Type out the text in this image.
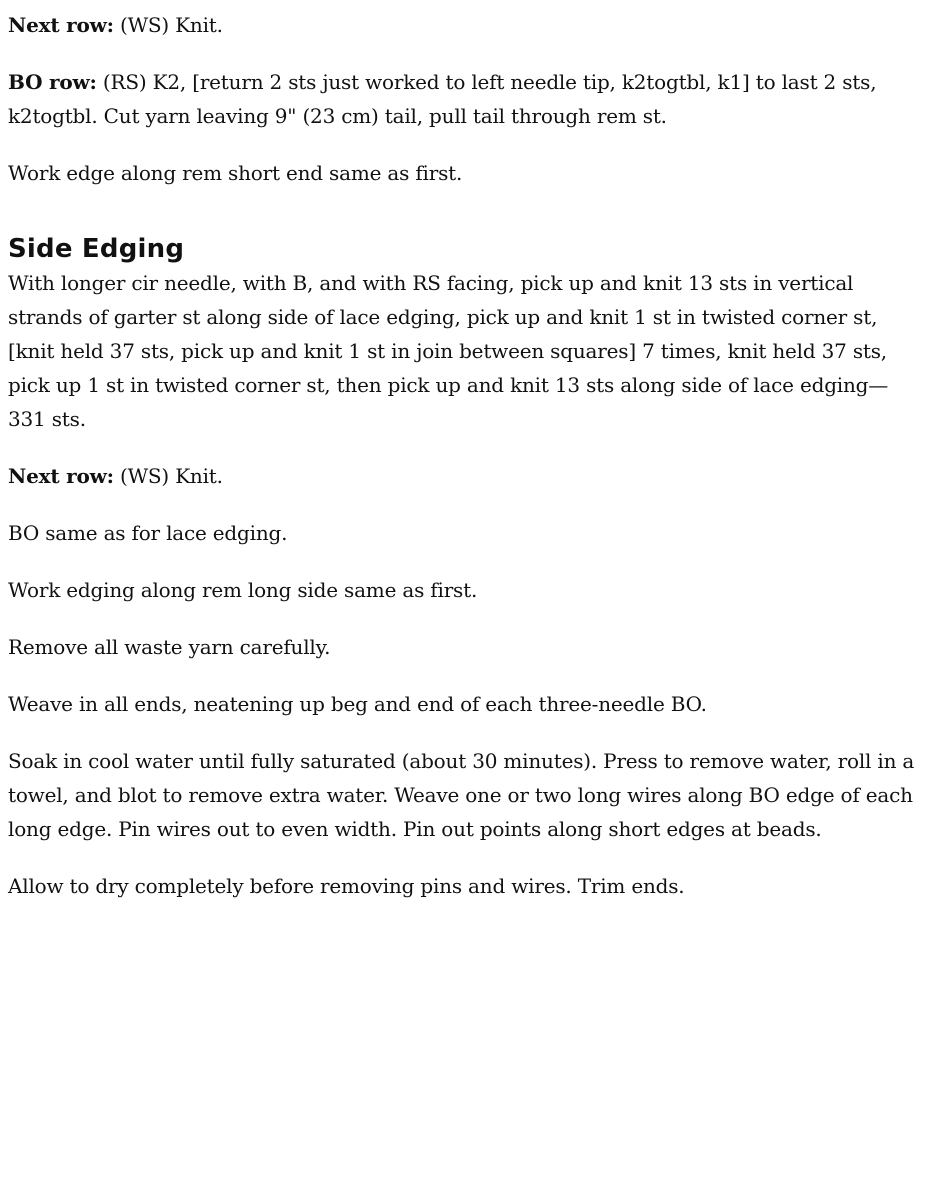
Next row: (WS) Knit.

BO row: (RS) K2, [return 2 sts just worked to left needle tip, k2togtbl, k1] to last 2 sts, k2togtbl. Cut yarn leaving 9" (23 cm) tail, pull tail through rem st.

Work edge along rem short end same as first.

Side Edging

With longer cir needle, with B, and with RS facing, pick up and knit 13 sts in vertical strands of garter st along side of lace edging, pick up and knit 1 st in twisted corner st, [knit held 37 sts, pick up and knit 1 st in join between squares] 7 times, knit held 37 sts, pick up 1 st in twisted corner st, then pick up and knit 13 sts along side of lace edging—331 sts.

Next row: (WS) Knit.

BO same as for lace edging.

Work edging along rem long side same as first.

Remove all waste yarn carefully.

Weave in all ends, neatening up beg and end of each three-needle BO.

Soak in cool water until fully saturated (about 30 minutes). Press to remove water, roll in a towel, and blot to remove extra water. Weave one or two long wires along BO edge of each long edge. Pin wires out to even width. Pin out points along short edges at beads.

Allow to dry completely before removing pins and wires. Trim ends.
